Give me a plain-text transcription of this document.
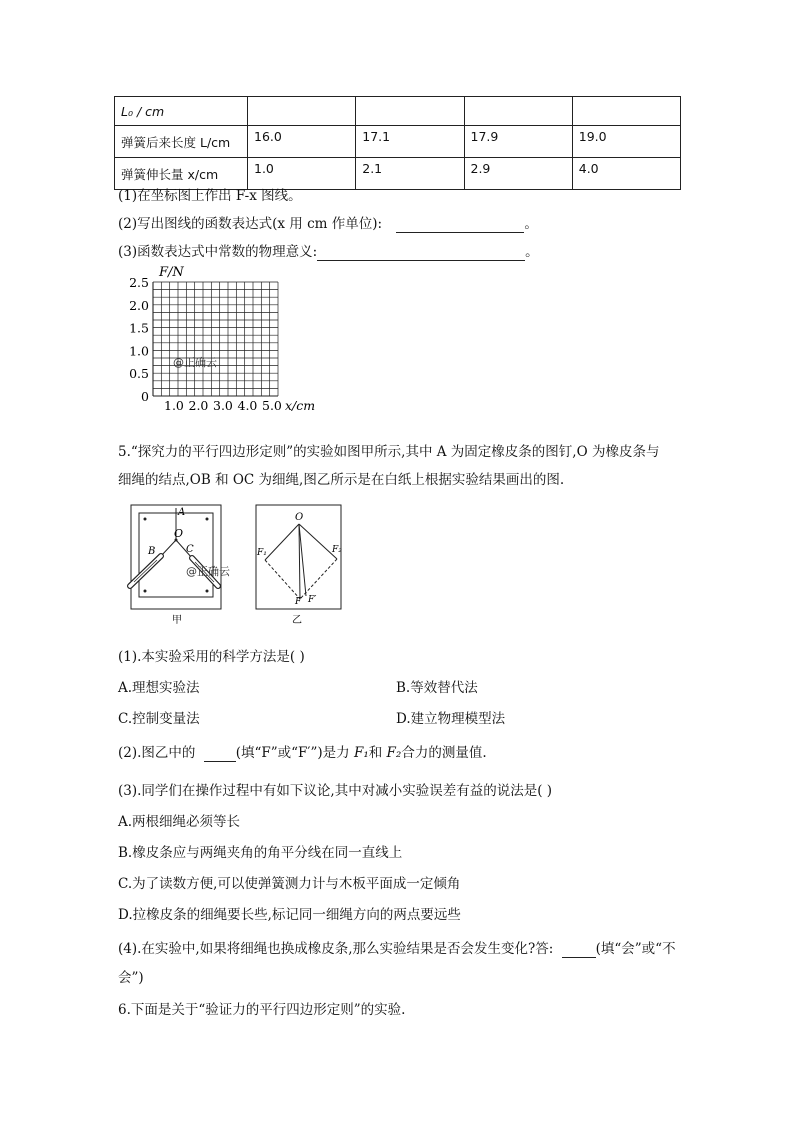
L₀ / cm				
弹簧后来长度 L/cm	16.0	17.1	17.9	19.0
弹簧伸长量 x/cm	1.0	2.1	2.9	4.0
(1)在坐标图上作出 F-x 图线。
(2)写出图线的函数表达式(x 用 cm 作单位):	。
(3)函数表达式中常数的物理意义:	。
F/N
2.5
2.0
1.5
1.0
0.5
0
1.0 2.0 3.0 4.0 5.0 x/cm
@正确云
5.“探究力的平行四边形定则”的实验如图甲所示,其中 A 为固定橡皮条的图钉,O 为橡皮条与
细绳的结点,OB 和 OC 为细绳,图乙所示是在白纸上根据实验结果画出的图.
A
O
B	C
@正确云
甲
O
F₁	F₂
F F′
乙
(1).本实验采用的科学方法是( )
A.理想实验法	B.等效替代法
C.控制变量法	D.建立物理模型法
(2).图乙中的	(填“F”或“F′”)是力 F₁和 F₂合力的测量值.
(3).同学们在操作过程中有如下议论,其中对减小实验误差有益的说法是( )
A.两根细绳必须等长
B.橡皮条应与两绳夹角的角平分线在同一直线上
C.为了读数方便,可以使弹簧测力计与木板平面成一定倾角
D.拉橡皮条的细绳要长些,标记同一细绳方向的两点要远些
(4).在实验中,如果将细绳也换成橡皮条,那么实验结果是否会发生变化?答:	(填“会”或“不
会”)
6.下面是关于“验证力的平行四边形定则”的实验.
